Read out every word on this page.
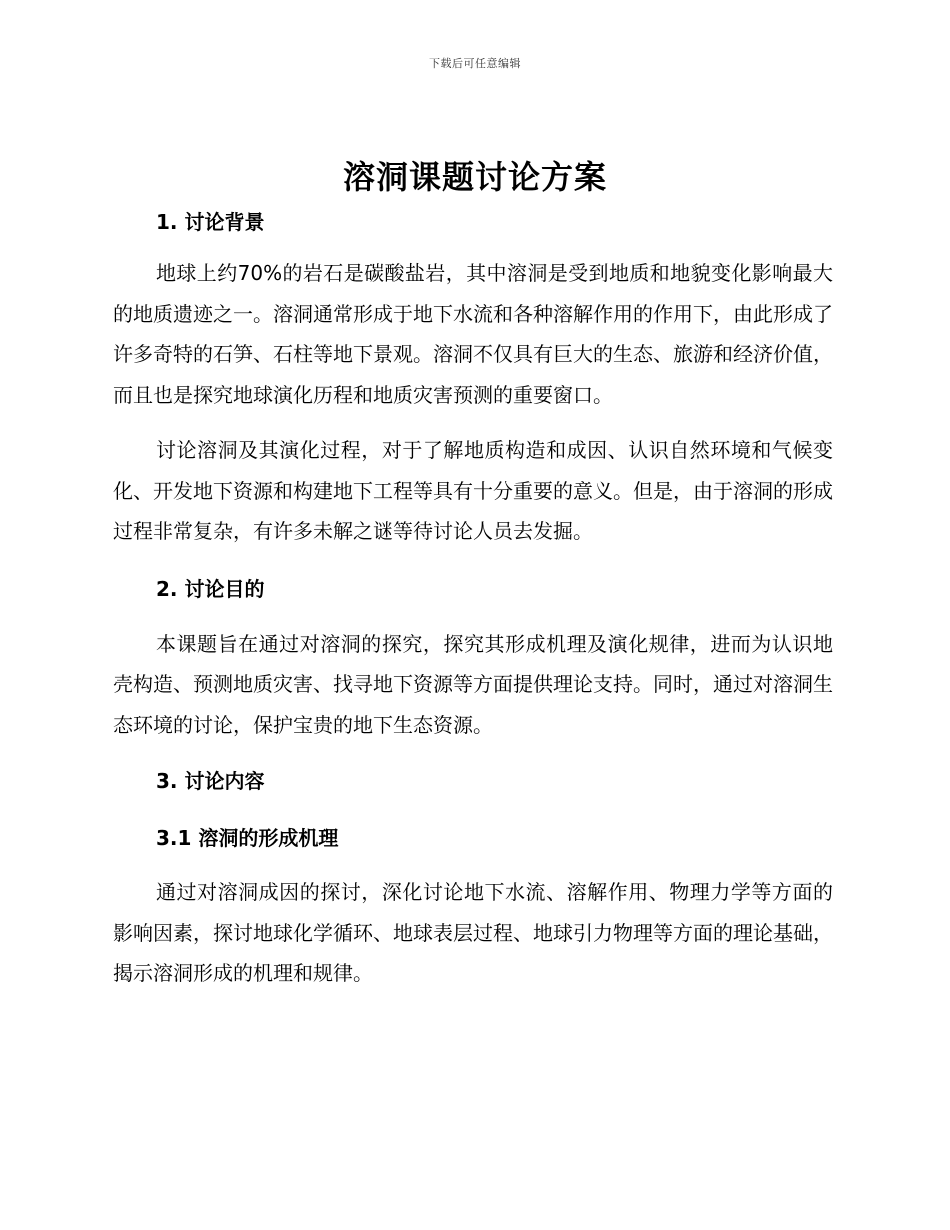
下载后可任意编辑
溶洞课题讨论方案
1. 讨论背景

地球上约70%的岩石是碳酸盐岩，其中溶洞是受到地质和地貌变化影响最大的地质遗迹之一。溶洞通常形成于地下水流和各种溶解作用的作用下，由此形成了许多奇特的石笋、石柱等地下景观。溶洞不仅具有巨大的生态、旅游和经济价值，而且也是探究地球演化历程和地质灾害预测的重要窗口。

讨论溶洞及其演化过程，对于了解地质构造和成因、认识自然环境和气候变化、开发地下资源和构建地下工程等具有十分重要的意义。但是，由于溶洞的形成过程非常复杂，有许多未解之谜等待讨论人员去发掘。

2. 讨论目的

本课题旨在通过对溶洞的探究，探究其形成机理及演化规律，进而为认识地壳构造、预测地质灾害、找寻地下资源等方面提供理论支持。同时，通过对溶洞生态环境的讨论，保护宝贵的地下生态资源。

3. 讨论内容
3.1 溶洞的形成机理

通过对溶洞成因的探讨，深化讨论地下水流、溶解作用、物理力学等方面的影响因素，探讨地球化学循环、地球表层过程、地球引力物理等方面的理论基础，揭示溶洞形成的机理和规律。
